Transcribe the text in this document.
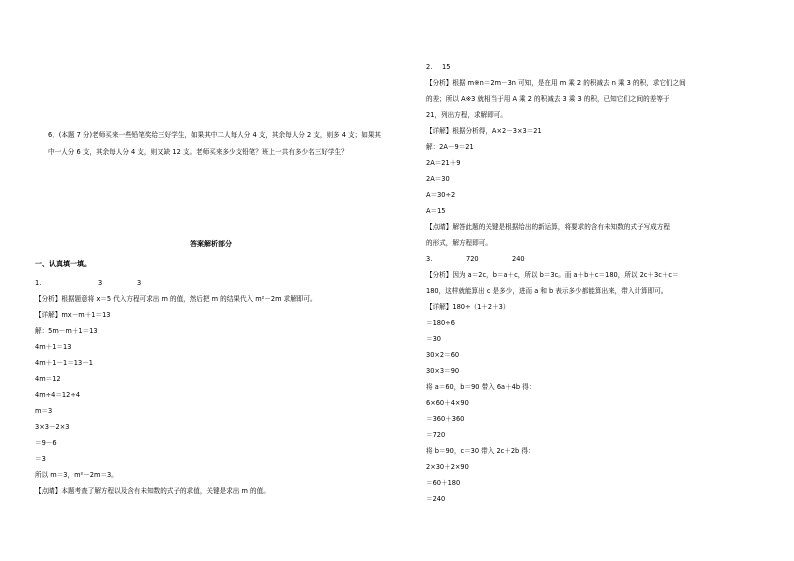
6．(本题 7 分)老师买来一些铅笔奖给三好学生，如果其中二人每人分 4 支，其余每人分 2 支，则多 4 支；如果其中一人分 6 支，其余每人分 4 支，则又缺 12 支。老师买来多少支铅笔？班上一共有多少名三好学生？
答案解析部分
一、认真填一填。
1.	3	3
【分析】根据题意将 x＝5 代入方程可求出 m 的值，然后把 m 的结果代入 m²－2m 求解即可。
【详解】mx－m＋1＝13
解：5m－m＋1＝13
4m＋1＝13
4m＋1－1＝13－1
4m＝12
4m÷4＝12÷4
m＝3
3×3－2×3
＝9－6
＝3
所以 m＝3，m²－2m＝3。
【点睛】本题考查了解方程以及含有未知数的式子的求值，关键是求出 m 的值。
2. 15
【分析】根据 m※n＝2m－3n 可知，是在用 m 乘 2 的积减去 n 乘 3 的积，求它们之间
的差；所以 A※3 就相当于用 A 乘 2 的积减去 3 乘 3 的积，已知它们之间的差等于
21，列出方程，求解即可。
【详解】根据分析得，A×2－3×3＝21
解：2A－9＝21
2A＝21＋9
2A＝30
A＝30÷2
A＝15
【点睛】解答此题的关键是根据给出的新运算，将要求的含有未知数的式子写成方程
的形式，解方程即可。
3.	720	240
【分析】因为 a＝2c，b＝a＋c，所以 b＝3c。而 a＋b＋c＝180，所以 2c＋3c＋c＝
180，这样就能算出 c 是多少，进而 a 和 b 表示多少都能算出来，带入计算即可。
【详解】180÷（1＋2＋3）
＝180÷6
＝30
30×2＝60
30×3＝90
将 a＝60，b＝90 带入 6a＋4b 得：
6×60＋4×90
＝360＋360
＝720
将 b＝90，c＝30 带入 2c＋2b 得：
2×30＋2×90
＝60＋180
＝240
